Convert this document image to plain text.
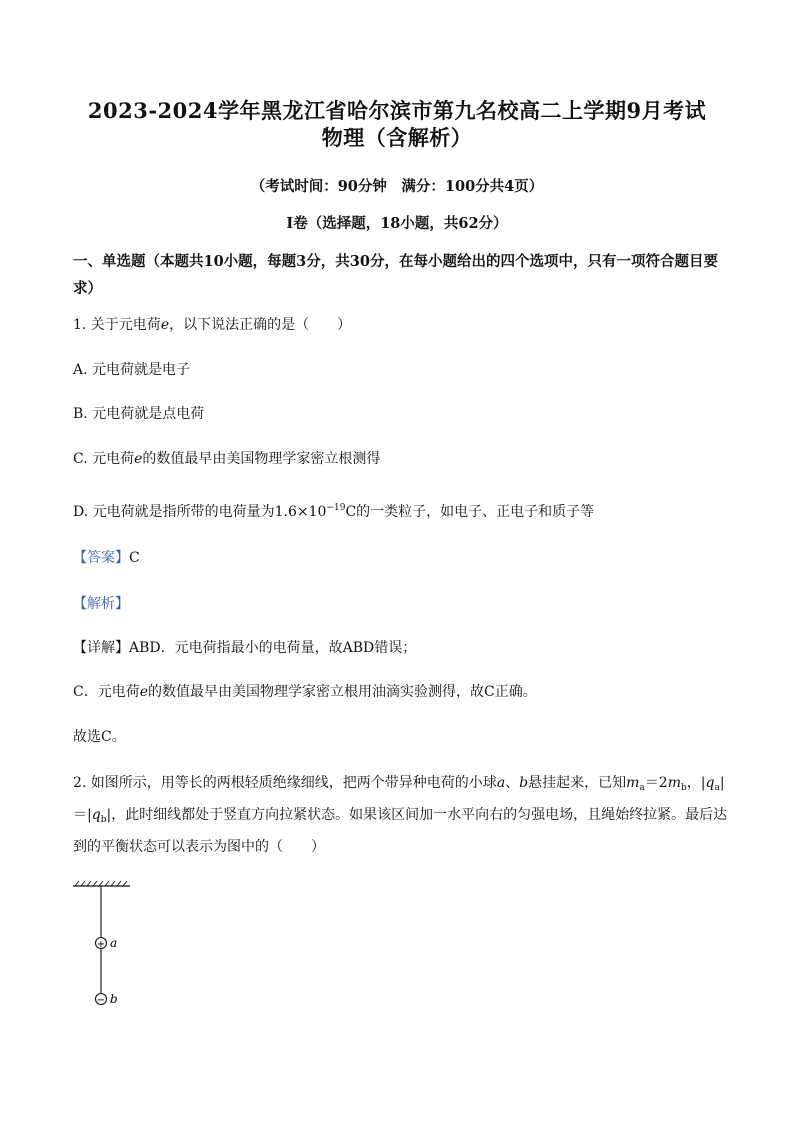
2023-2024学年黑龙江省哈尔滨市第九名校高二上学期9月考试
物理（含解析）
（考试时间：90分钟　满分：100分共4页）
Ⅰ卷（选择题，18小题，共62分）
一、单选题（本题共10小题，每题3分，共30分，在每小题给出的四个选项中，只有一项符合题目要求）
1. 关于元电荷e，以下说法正确的是（　　）
A. 元电荷就是电子
B. 元电荷就是点电荷
C. 元电荷e的数值最早由美国物理学家密立根测得
D. 元电荷就是指所带的电荷量为$1.6\times 10^{-19}C$的一类粒子，如电子、正电子和质子等
【答案】C
【解析】
【详解】ABD．元电荷指最小的电荷量，故ABD错误；
C．元电荷e的数值最早由美国物理学家密立根用油滴实验测得，故C正确。
故选C。
2. 如图所示，用等长的两根轻质绝缘细线，把两个带异种电荷的小球a、b悬挂起来，已知$m_a=2m_b$，$|q_a|=|q_b|$，此时细线都处于竖直方向拉紧状态。如果该区间加一水平向右的匀强电场，且绳始终拉紧。最后达到的平衡状态可以表示为图中的（　　）
+ a
− b
